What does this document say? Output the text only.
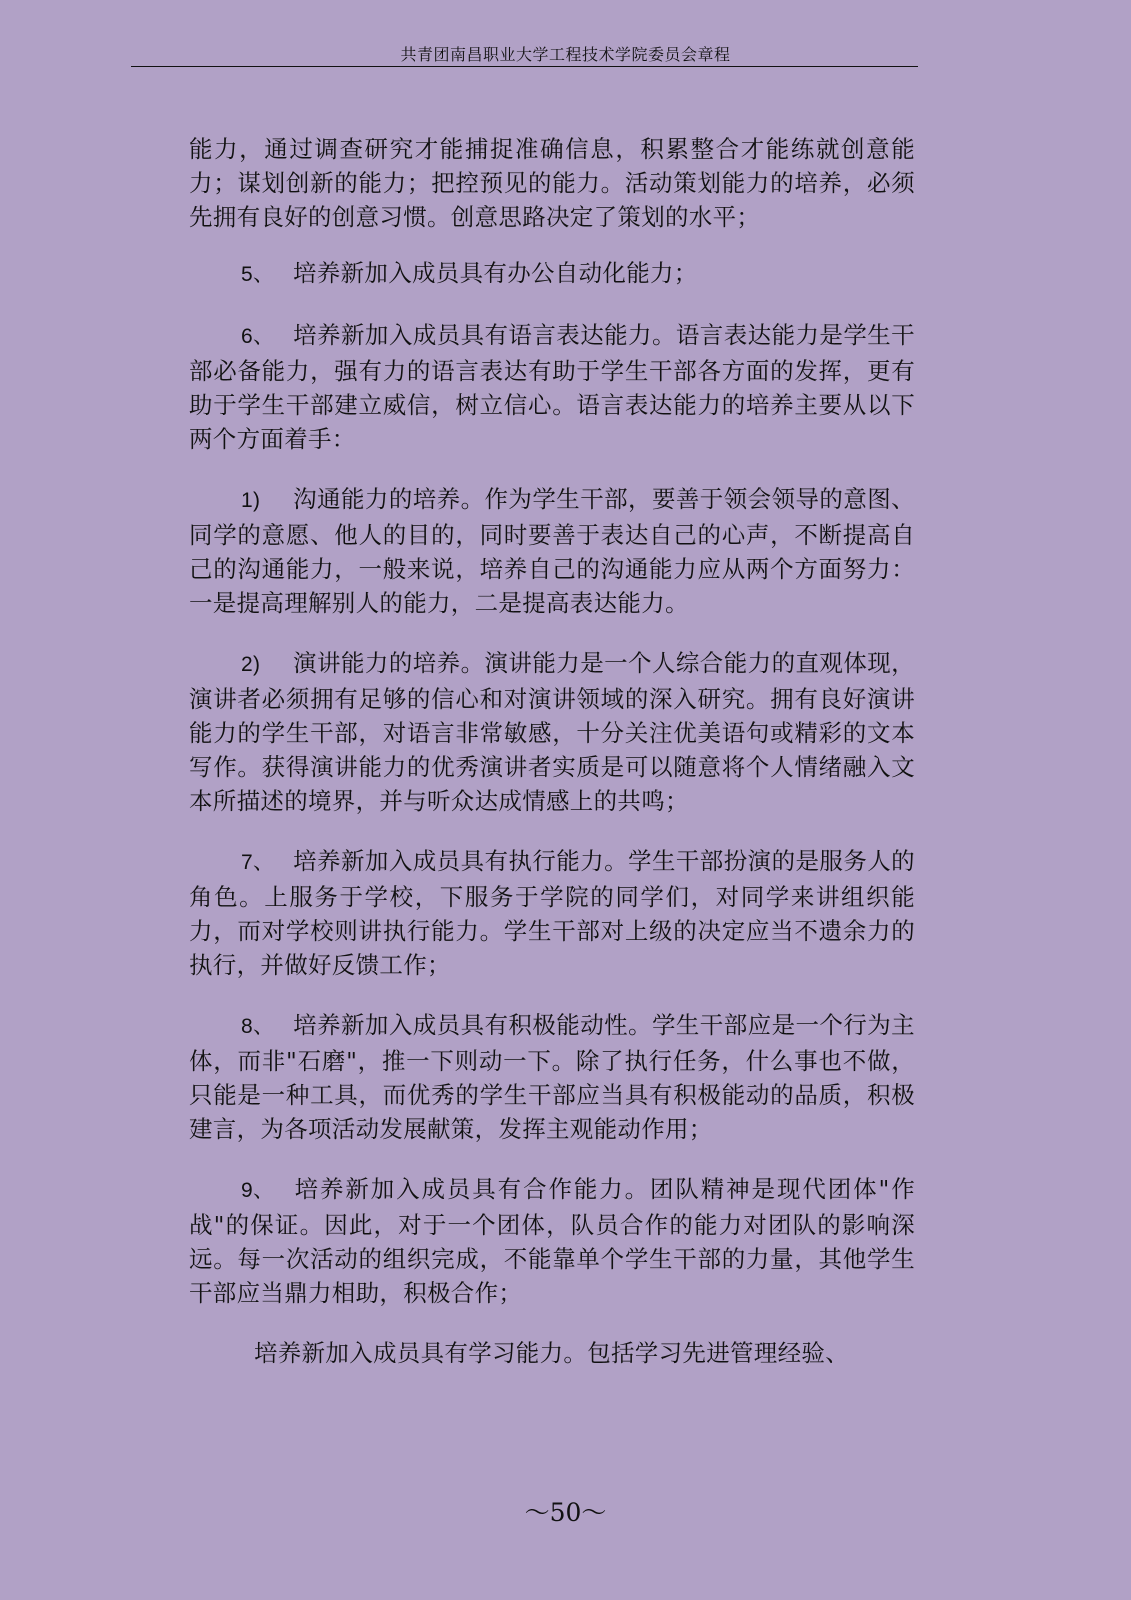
共青团南昌职业大学工程技术学院委员会章程

能力，通过调查研究才能捕捉准确信息，积累整合才能练就创意能力；谋划创新的能力；把控预见的能力。活动策划能力的培养，必须先拥有良好的创意习惯。创意思路决定了策划的水平；

5、 培养新加入成员具有办公自动化能力；

6、 培养新加入成员具有语言表达能力。语言表达能力是学生干部必备能力，强有力的语言表达有助于学生干部各方面的发挥，更有助于学生干部建立威信，树立信心。语言表达能力的培养主要从以下两个方面着手：

1) 沟通能力的培养。作为学生干部，要善于领会领导的意图、同学的意愿、他人的目的，同时要善于表达自己的心声，不断提高自己的沟通能力，一般来说，培养自己的沟通能力应从两个方面努力：一是提高理解别人的能力，二是提高表达能力。

2) 演讲能力的培养。演讲能力是一个人综合能力的直观体现，演讲者必须拥有足够的信心和对演讲领域的深入研究。拥有良好演讲能力的学生干部，对语言非常敏感，十分关注优美语句或精彩的文本写作。获得演讲能力的优秀演讲者实质是可以随意将个人情绪融入文本所描述的境界，并与听众达成情感上的共鸣；

7、 培养新加入成员具有执行能力。学生干部扮演的是服务人的角色。上服务于学校，下服务于学院的同学们，对同学来讲组织能力，而对学校则讲执行能力。学生干部对上级的决定应当不遗余力的执行，并做好反馈工作；

8、 培养新加入成员具有积极能动性。学生干部应是一个行为主体，而非"石磨"，推一下则动一下。除了执行任务，什么事也不做，只能是一种工具，而优秀的学生干部应当具有积极能动的品质，积极建言，为各项活动发展献策，发挥主观能动作用；

9、 培养新加入成员具有合作能力。团队精神是现代团体"作战"的保证。因此，对于一个团体，队员合作的能力对团队的影响深远。每一次活动的组织完成，不能靠单个学生干部的力量，其他学生干部应当鼎力相助，积极合作；

培养新加入成员具有学习能力。包括学习先进管理经验、

～50～
